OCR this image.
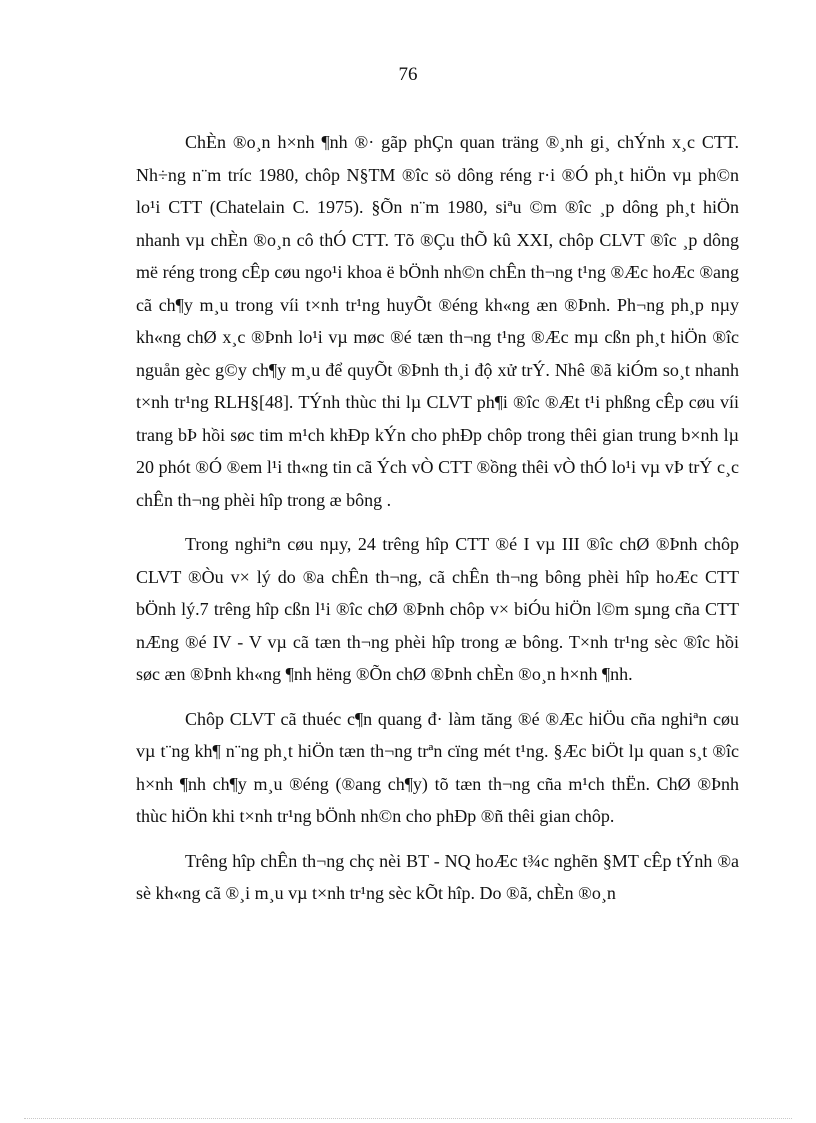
76

ChÈn ®o¸n h×nh ¶nh ®· gãp phÇn quan träng ®¸nh gi¸ chÝnh x¸c CTT. Nh÷ng n¨m tríc 1980, chôp N§TM ®îc sö dông réng r·i ®Ó ph¸t hiÖn vµ ph©n lo¹i CTT (Chatelain C. 1975). §Õn n¨m 1980, siªu ©m ®îc ¸p dông ph¸t hiÖn nhanh vµ chÈn ®o¸n cô thÓ CTT. Tõ ®Çu thÕ kû XXI, chôp CLVT ®îc ¸p dông më réng trong cÊp cøu ngo¹i khoa ë bÖnh nh©n chÊn th¬ng t¹ng ®Æc hoÆc ®ang cã ch¶y m¸u trong víi t×nh tr¹ng huyÕt ®éng kh«ng æn ®Þnh. Ph¬ng ph¸p nµy kh«ng chØ x¸c ®Þnh lo¹i vµ møc ®é tæn th¬ng t¹ng ®Æc mµ cßn ph¸t hiÖn ®îc nguån gèc g©y ch¶y m¸u để quyÕt ®Þnh th¸i độ xử trÝ. Nhê ®ã kiÓm so¸t nhanh t×nh tr¹ng RLH§[48]. TÝnh thùc thi lµ CLVT ph¶i ®îc ®Æt t¹i phßng cÊp cøu víi trang bÞ hồi søc tim m¹ch khÐp kÝn cho phÐp chôp trong thêi gian trung b×nh lµ 20 phót ®Ó ®em l¹i th«ng tin cã Ých vÒ CTT ®ồng thêi vÒ thÓ lo¹i vµ vÞ trÝ c¸c chÊn th¬ng phèi hîp trong æ bông .

Trong nghiªn cøu nµy, 24 trêng hîp CTT ®é I vµ III ®îc chØ ®Þnh chôp CLVT ®Òu v× lý do ®a chÊn th¬ng, cã chÊn th¬ng bông phèi hîp hoÆc CTT bÖnh lý.7 trêng hîp cßn l¹i ®îc chØ ®Þnh chôp v× biÓu hiÖn l©m sµng cña CTT nÆng ®é IV - V vµ cã tæn th¬ng phèi hîp trong æ bông. T×nh tr¹ng sèc ®îc hồi søc æn ®Þnh kh«ng ¶nh hëng ®Õn chØ ®Þnh chÈn ®o¸n h×nh ¶nh.

Chôp CLVT cã thuéc c¶n quang đ· làm tăng ®é ®Æc hiÖu cña nghiªn cøu vµ t¨ng kh¶ n¨ng ph¸t hiÖn tæn th¬ng trªn cïng mét t¹ng. §Æc biÖt lµ quan s¸t ®îc h×nh ¶nh ch¶y m¸u ®éng (®ang ch¶y) tõ tæn th¬ng cña m¹ch thËn. ChØ ®Þnh thùc hiÖn khi t×nh tr¹ng bÖnh nh©n cho phÐp ®ñ thêi gian chôp.

Trêng hîp chÊn th¬ng chç nèi BT - NQ hoÆc t¾c nghẽn §MT cÊp tÝnh ®a sè kh«ng cã ®¸i m¸u vµ t×nh tr¹ng sèc kÕt hîp. Do ®ã, chÈn ®o¸n
